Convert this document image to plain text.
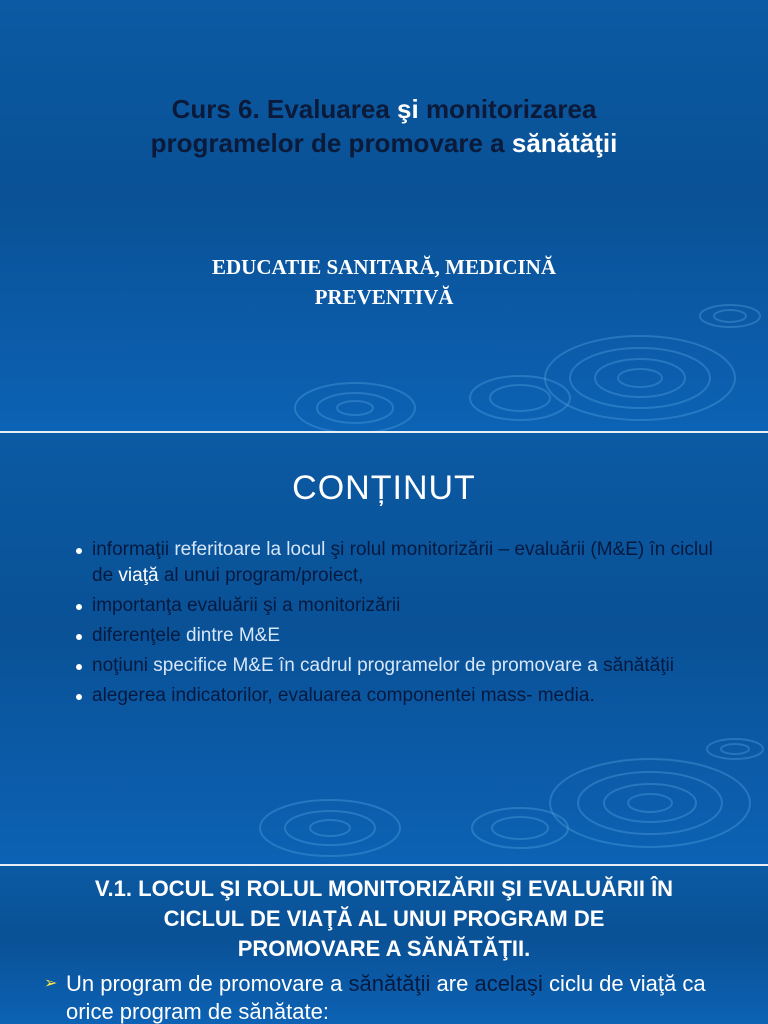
Curs 6. Evaluarea şi monitorizarea
programelor de promovare a sănătăţii
EDUCATIE SANITARĂ, MEDICINĂ
PREVENTIVĂ
CONȚINUT
informaţii referitoare la locul şi rolul monitorizării – evaluării (M&E) în ciclul de viaţă al unui program/proiect,
importanţa evaluării şi a monitorizării
diferenţele dintre M&E
noţiuni specifice M&E în cadrul programelor de promovare a sănătăţii
alegerea indicatorilor, evaluarea componentei mass- media.
V.1. LOCUL ŞI ROLUL MONITORIZĂRII ŞI EVALUĂRII ÎN
CICLUL DE VIAŢĂ AL UNUI PROGRAM DE
PROMOVARE A SĂNĂTĂŢII.
➢ Un program de promovare a sănătăţii are acelaşi ciclu de viaţă ca orice program de sănătate:
